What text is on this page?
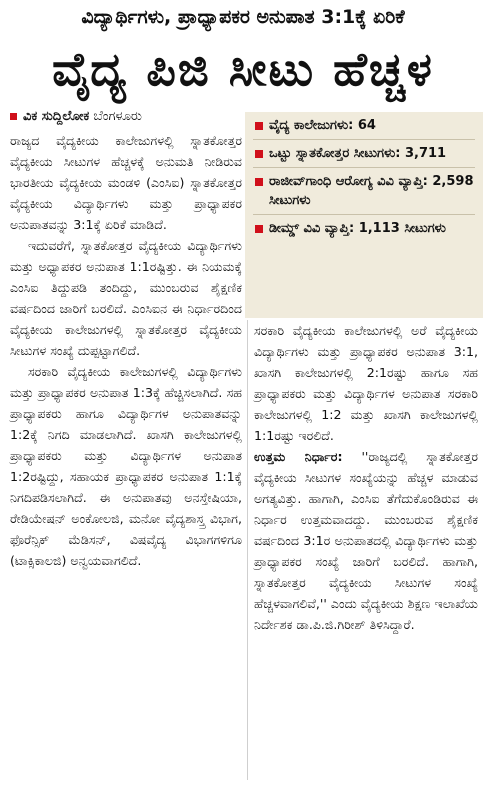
ವಿದ್ಯಾರ್ಥಿಗಳು, ಪ್ರಾಧ್ಯಾಪಕರ ಅನುಪಾತ 3:1ಕ್ಕೆ ಏರಿಕೆ
ವೈದ್ಯ ಪಿಜಿ ಸೀಟು ಹೆಚ್ಚಳ
ವಿಕ ಸುದ್ದಿಲೋಕ ಬೆಂಗಳೂರು
ವೈದ್ಯ ಕಾಲೇಜುಗಳು: 64
ಒಟ್ಟು ಸ್ನಾತಕೋತ್ತರ ಸೀಟುಗಳು: 3,711
ರಾಜೀವ್‌ಗಾಂಧಿ ಆರೋಗ್ಯ ವಿವಿ ವ್ಯಾಪ್ತಿ: 2,598 ಸೀಟುಗಳು
ಡೀಮ್ಡ್ ವಿವಿ ವ್ಯಾಪ್ತಿ: 1,113 ಸೀಟುಗಳು

ರಾಜ್ಯದ ವೈದ್ಯಕೀಯ ಕಾಲೇಜುಗಳಲ್ಲಿ ಸ್ನಾತಕೋತ್ತರ ವೈದ್ಯಕೀಯ ಸೀಟುಗಳ ಹೆಚ್ಚಳಕ್ಕೆ ಅನುಮತಿ ನೀಡಿರುವ ಭಾರತೀಯ ವೈದ್ಯಕೀಯ ಮಂಡಳಿ (ಎಂಸಿಐ) ಸ್ನಾತಕೋತ್ತರ ವೈದ್ಯಕೀಯ ವಿದ್ಯಾರ್ಥಿಗಳು ಮತ್ತು ಪ್ರಾಧ್ಯಾಪಕರ ಅನುಪಾತವನ್ನು 3:1ಕ್ಕೆ ಏರಿಕೆ ಮಾಡಿದೆ.

ಇದುವರೆಗೆ, ಸ್ನಾತಕೋತ್ತರ ವೈದ್ಯಕೀಯ ವಿದ್ಯಾರ್ಥಿಗಳು ಮತ್ತು ಅಧ್ಯಾಪಕರ ಅನುಪಾತ 1:1ರಷ್ಟಿತ್ತು. ಈ ನಿಯಮಕ್ಕೆ ಎಂಸಿಐ ತಿದ್ದುಪಡಿ ತಂದಿದ್ದು, ಮುಂಬರುವ ಶೈಕ್ಷಣಿಕ ವರ್ಷದಿಂದ ಜಾರಿಗೆ ಬರಲಿದೆ. ಎಂಸಿಐನ ಈ ನಿರ್ಧಾರದಿಂದ ವೈದ್ಯಕೀಯ ಕಾಲೇಜುಗಳಲ್ಲಿ ಸ್ನಾತಕೋತ್ತರ ವೈದ್ಯಕೀಯ ಸೀಟುಗಳ ಸಂಖ್ಯೆ ದುಪ್ಪಟ್ಟಾಗಲಿದೆ.

ಸರಕಾರಿ ವೈದ್ಯಕೀಯ ಕಾಲೇಜುಗಳಲ್ಲಿ ವಿದ್ಯಾರ್ಥಿಗಳು ಮತ್ತು ಪ್ರಾಧ್ಯಾಪಕರ ಅನುಪಾತ 1:3ಕ್ಕೆ ಹೆಚ್ಚಿಸಲಾಗಿದೆ. ಸಹ ಪ್ರಾಧ್ಯಾಪಕರು ಹಾಗೂ ವಿದ್ಯಾರ್ಥಿಗಳ ಅನುಪಾತವನ್ನು 1:2ಕ್ಕೆ ನಿಗದಿ ಮಾಡಲಾಗಿದೆ. ಖಾಸಗಿ ಕಾಲೇಜುಗಳಲ್ಲಿ ಪ್ರಾಧ್ಯಾಪಕರು ಮತ್ತು ವಿದ್ಯಾರ್ಥಿಗಳ ಅನುಪಾತ 1:2ರಷ್ಟಿದ್ದು, ಸಹಾಯಕ ಪ್ರಾಧ್ಯಾಪಕರ ಅನುಪಾತ 1:1ಕ್ಕೆ ನಿಗದಿಪಡಿಸಲಾಗಿದೆ. ಈ ಅನುಪಾತವು ಅನಸ್ತೇಷಿಯಾ, ರೇಡಿಯೇಷನ್ ಅಂಕೋಲಜಿ, ಮನೋ ವೈದ್ಯಶಾಸ್ತ್ರ ವಿಭಾಗ, ಫೊರೆನ್ಸಿಕ್ ಮೆಡಿಸನ್, ವಿಷವೈದ್ಯ ವಿಭಾಗಗಳಿಗೂ (ಟಾಕ್ಸಿಕಾಲಜಿ) ಅನ್ವಯವಾಗಲಿದೆ.

ಸರಕಾರಿ ವೈದ್ಯಕೀಯ ಕಾಲೇಜುಗಳಲ್ಲಿ ಅರೆ ವೈದ್ಯಕೀಯ ವಿದ್ಯಾರ್ಥಿಗಳು ಮತ್ತು ಪ್ರಾಧ್ಯಾಪಕರ ಅನುಪಾತ 3:1, ಖಾಸಗಿ ಕಾಲೇಜುಗಳಲ್ಲಿ 2:1ರಷ್ಟು ಹಾಗೂ ಸಹ ಪ್ರಾಧ್ಯಾಪಕರು ಮತ್ತು ವಿದ್ಯಾರ್ಥಿಗಳ ಅನುಪಾತ ಸರಕಾರಿ ಕಾಲೇಜುಗಳಲ್ಲಿ 1:2 ಮತ್ತು ಖಾಸಗಿ ಕಾಲೇಜುಗಳಲ್ಲಿ 1:1ರಷ್ಟು ಇರಲಿದೆ.

ಉತ್ತಮ ನಿರ್ಧಾರ: ''ರಾಜ್ಯದಲ್ಲಿ ಸ್ನಾತಕೋತ್ತರ ವೈದ್ಯಕೀಯ ಸೀಟುಗಳ ಸಂಖ್ಯೆಯನ್ನು ಹೆಚ್ಚಳ ಮಾಡುವ ಅಗತ್ಯವಿತ್ತು. ಹಾಗಾಗಿ, ಎಂಸಿಐ ತೆಗೆದುಕೊಂಡಿರುವ ಈ ನಿರ್ಧಾರ ಉತ್ತಮವಾದದ್ದು. ಮುಂಬರುವ ಶೈಕ್ಷಣಿಕ ವರ್ಷದಿಂದ 3:1ರ ಅನುಪಾತದಲ್ಲಿ ವಿದ್ಯಾರ್ಥಿಗಳು ಮತ್ತು ಪ್ರಾಧ್ಯಾಪಕರ ಸಂಖ್ಯೆ ಜಾರಿಗೆ ಬರಲಿದೆ. ಹಾಗಾಗಿ, ಸ್ನಾತಕೋತ್ತರ ವೈದ್ಯಕೀಯ ಸೀಟುಗಳ ಸಂಖ್ಯೆ ಹೆಚ್ಚಳವಾಗಲಿವೆ,'' ಎಂದು ವೈದ್ಯಕೀಯ ಶಿಕ್ಷಣ ಇಲಾಖೆಯ ನಿರ್ದೇಶಕ ಡಾ.ಪಿ.ಜಿ.ಗಿರೀಶ್ ತಿಳಿಸಿದ್ದಾರೆ.
